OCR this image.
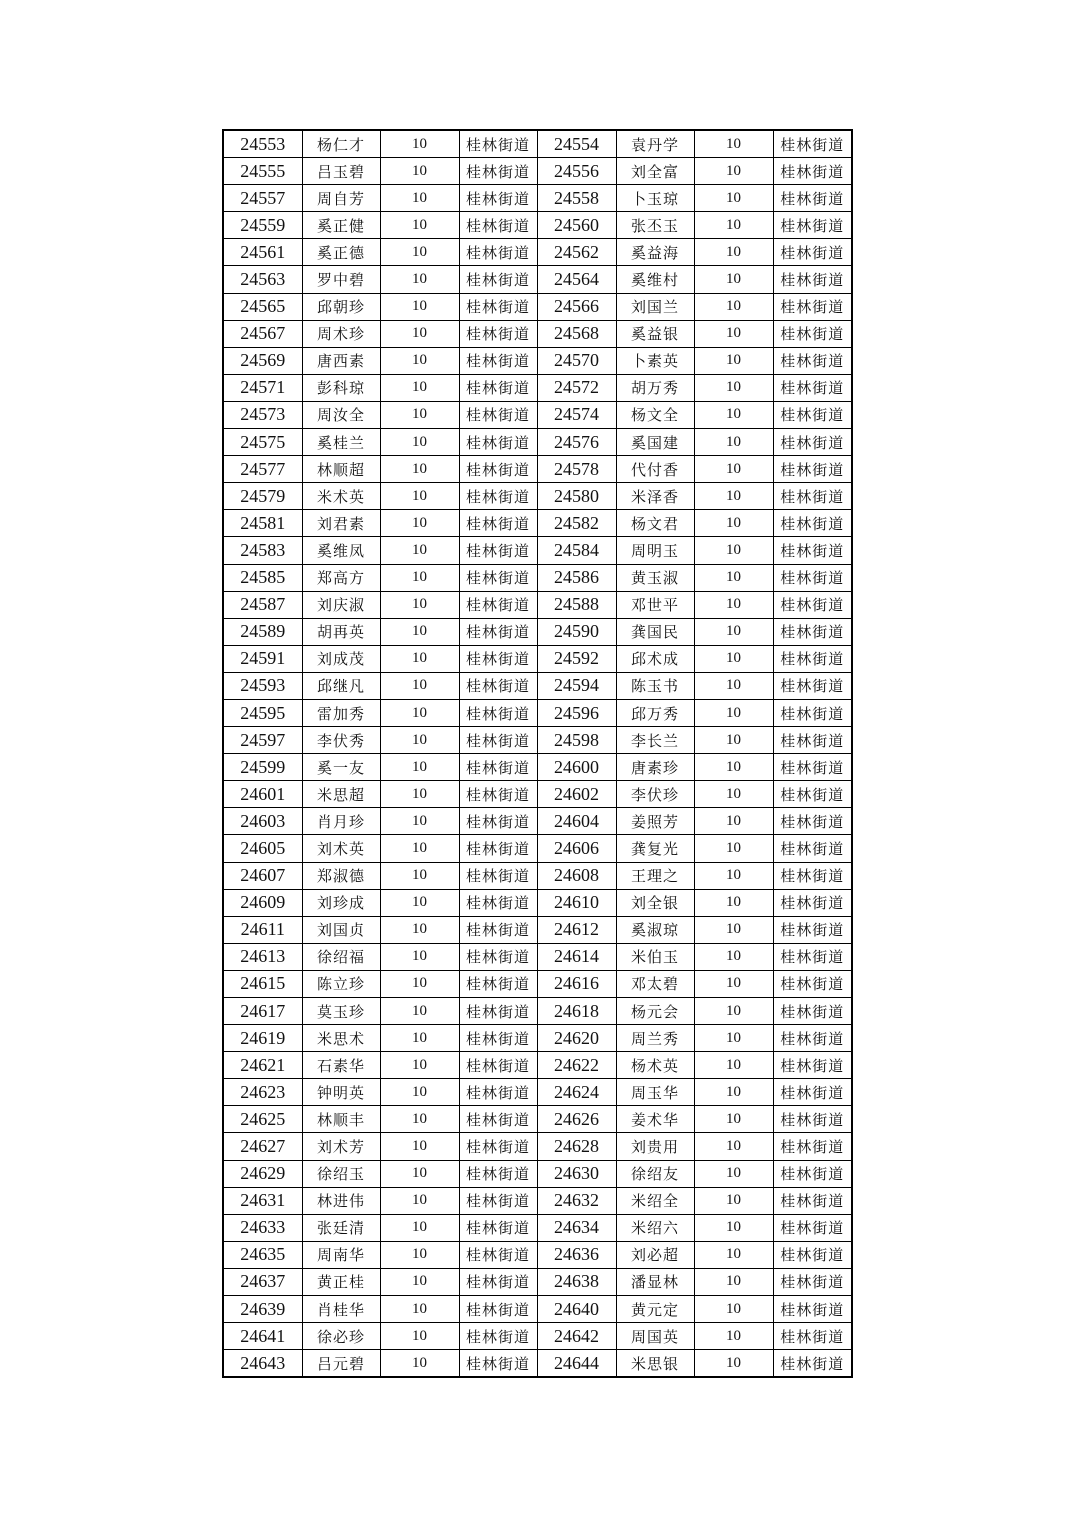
24553	杨仁才	10	桂林街道	24554	袁丹学	10	桂林街道
24555	吕玉碧	10	桂林街道	24556	刘全富	10	桂林街道
24557	周自芳	10	桂林街道	24558	卜玉琼	10	桂林街道
24559	奚正健	10	桂林街道	24560	张丕玉	10	桂林街道
24561	奚正德	10	桂林街道	24562	奚益海	10	桂林街道
24563	罗中碧	10	桂林街道	24564	奚维村	10	桂林街道
24565	邱朝珍	10	桂林街道	24566	刘国兰	10	桂林街道
24567	周术珍	10	桂林街道	24568	奚益银	10	桂林街道
24569	唐西素	10	桂林街道	24570	卜素英	10	桂林街道
24571	彭科琼	10	桂林街道	24572	胡万秀	10	桂林街道
24573	周汝全	10	桂林街道	24574	杨文全	10	桂林街道
24575	奚桂兰	10	桂林街道	24576	奚国建	10	桂林街道
24577	林顺超	10	桂林街道	24578	代付香	10	桂林街道
24579	米术英	10	桂林街道	24580	米泽香	10	桂林街道
24581	刘君素	10	桂林街道	24582	杨文君	10	桂林街道
24583	奚维凤	10	桂林街道	24584	周明玉	10	桂林街道
24585	郑高方	10	桂林街道	24586	黄玉淑	10	桂林街道
24587	刘庆淑	10	桂林街道	24588	邓世平	10	桂林街道
24589	胡再英	10	桂林街道	24590	龚国民	10	桂林街道
24591	刘成茂	10	桂林街道	24592	邱术成	10	桂林街道
24593	邱继凡	10	桂林街道	24594	陈玉书	10	桂林街道
24595	雷加秀	10	桂林街道	24596	邱万秀	10	桂林街道
24597	李伏秀	10	桂林街道	24598	李长兰	10	桂林街道
24599	奚一友	10	桂林街道	24600	唐素珍	10	桂林街道
24601	米思超	10	桂林街道	24602	李伏珍	10	桂林街道
24603	肖月珍	10	桂林街道	24604	姜照芳	10	桂林街道
24605	刘术英	10	桂林街道	24606	龚复光	10	桂林街道
24607	郑淑德	10	桂林街道	24608	王理之	10	桂林街道
24609	刘珍成	10	桂林街道	24610	刘全银	10	桂林街道
24611	刘国贞	10	桂林街道	24612	奚淑琼	10	桂林街道
24613	徐绍福	10	桂林街道	24614	米伯玉	10	桂林街道
24615	陈立珍	10	桂林街道	24616	邓太碧	10	桂林街道
24617	莫玉珍	10	桂林街道	24618	杨元会	10	桂林街道
24619	米思术	10	桂林街道	24620	周兰秀	10	桂林街道
24621	石素华	10	桂林街道	24622	杨术英	10	桂林街道
24623	钟明英	10	桂林街道	24624	周玉华	10	桂林街道
24625	林顺丰	10	桂林街道	24626	姜术华	10	桂林街道
24627	刘术芳	10	桂林街道	24628	刘贵用	10	桂林街道
24629	徐绍玉	10	桂林街道	24630	徐绍友	10	桂林街道
24631	林进伟	10	桂林街道	24632	米绍全	10	桂林街道
24633	张廷清	10	桂林街道	24634	米绍六	10	桂林街道
24635	周南华	10	桂林街道	24636	刘必超	10	桂林街道
24637	黄正桂	10	桂林街道	24638	潘显林	10	桂林街道
24639	肖桂华	10	桂林街道	24640	黄元定	10	桂林街道
24641	徐必珍	10	桂林街道	24642	周国英	10	桂林街道
24643	吕元碧	10	桂林街道	24644	米思银	10	桂林街道
